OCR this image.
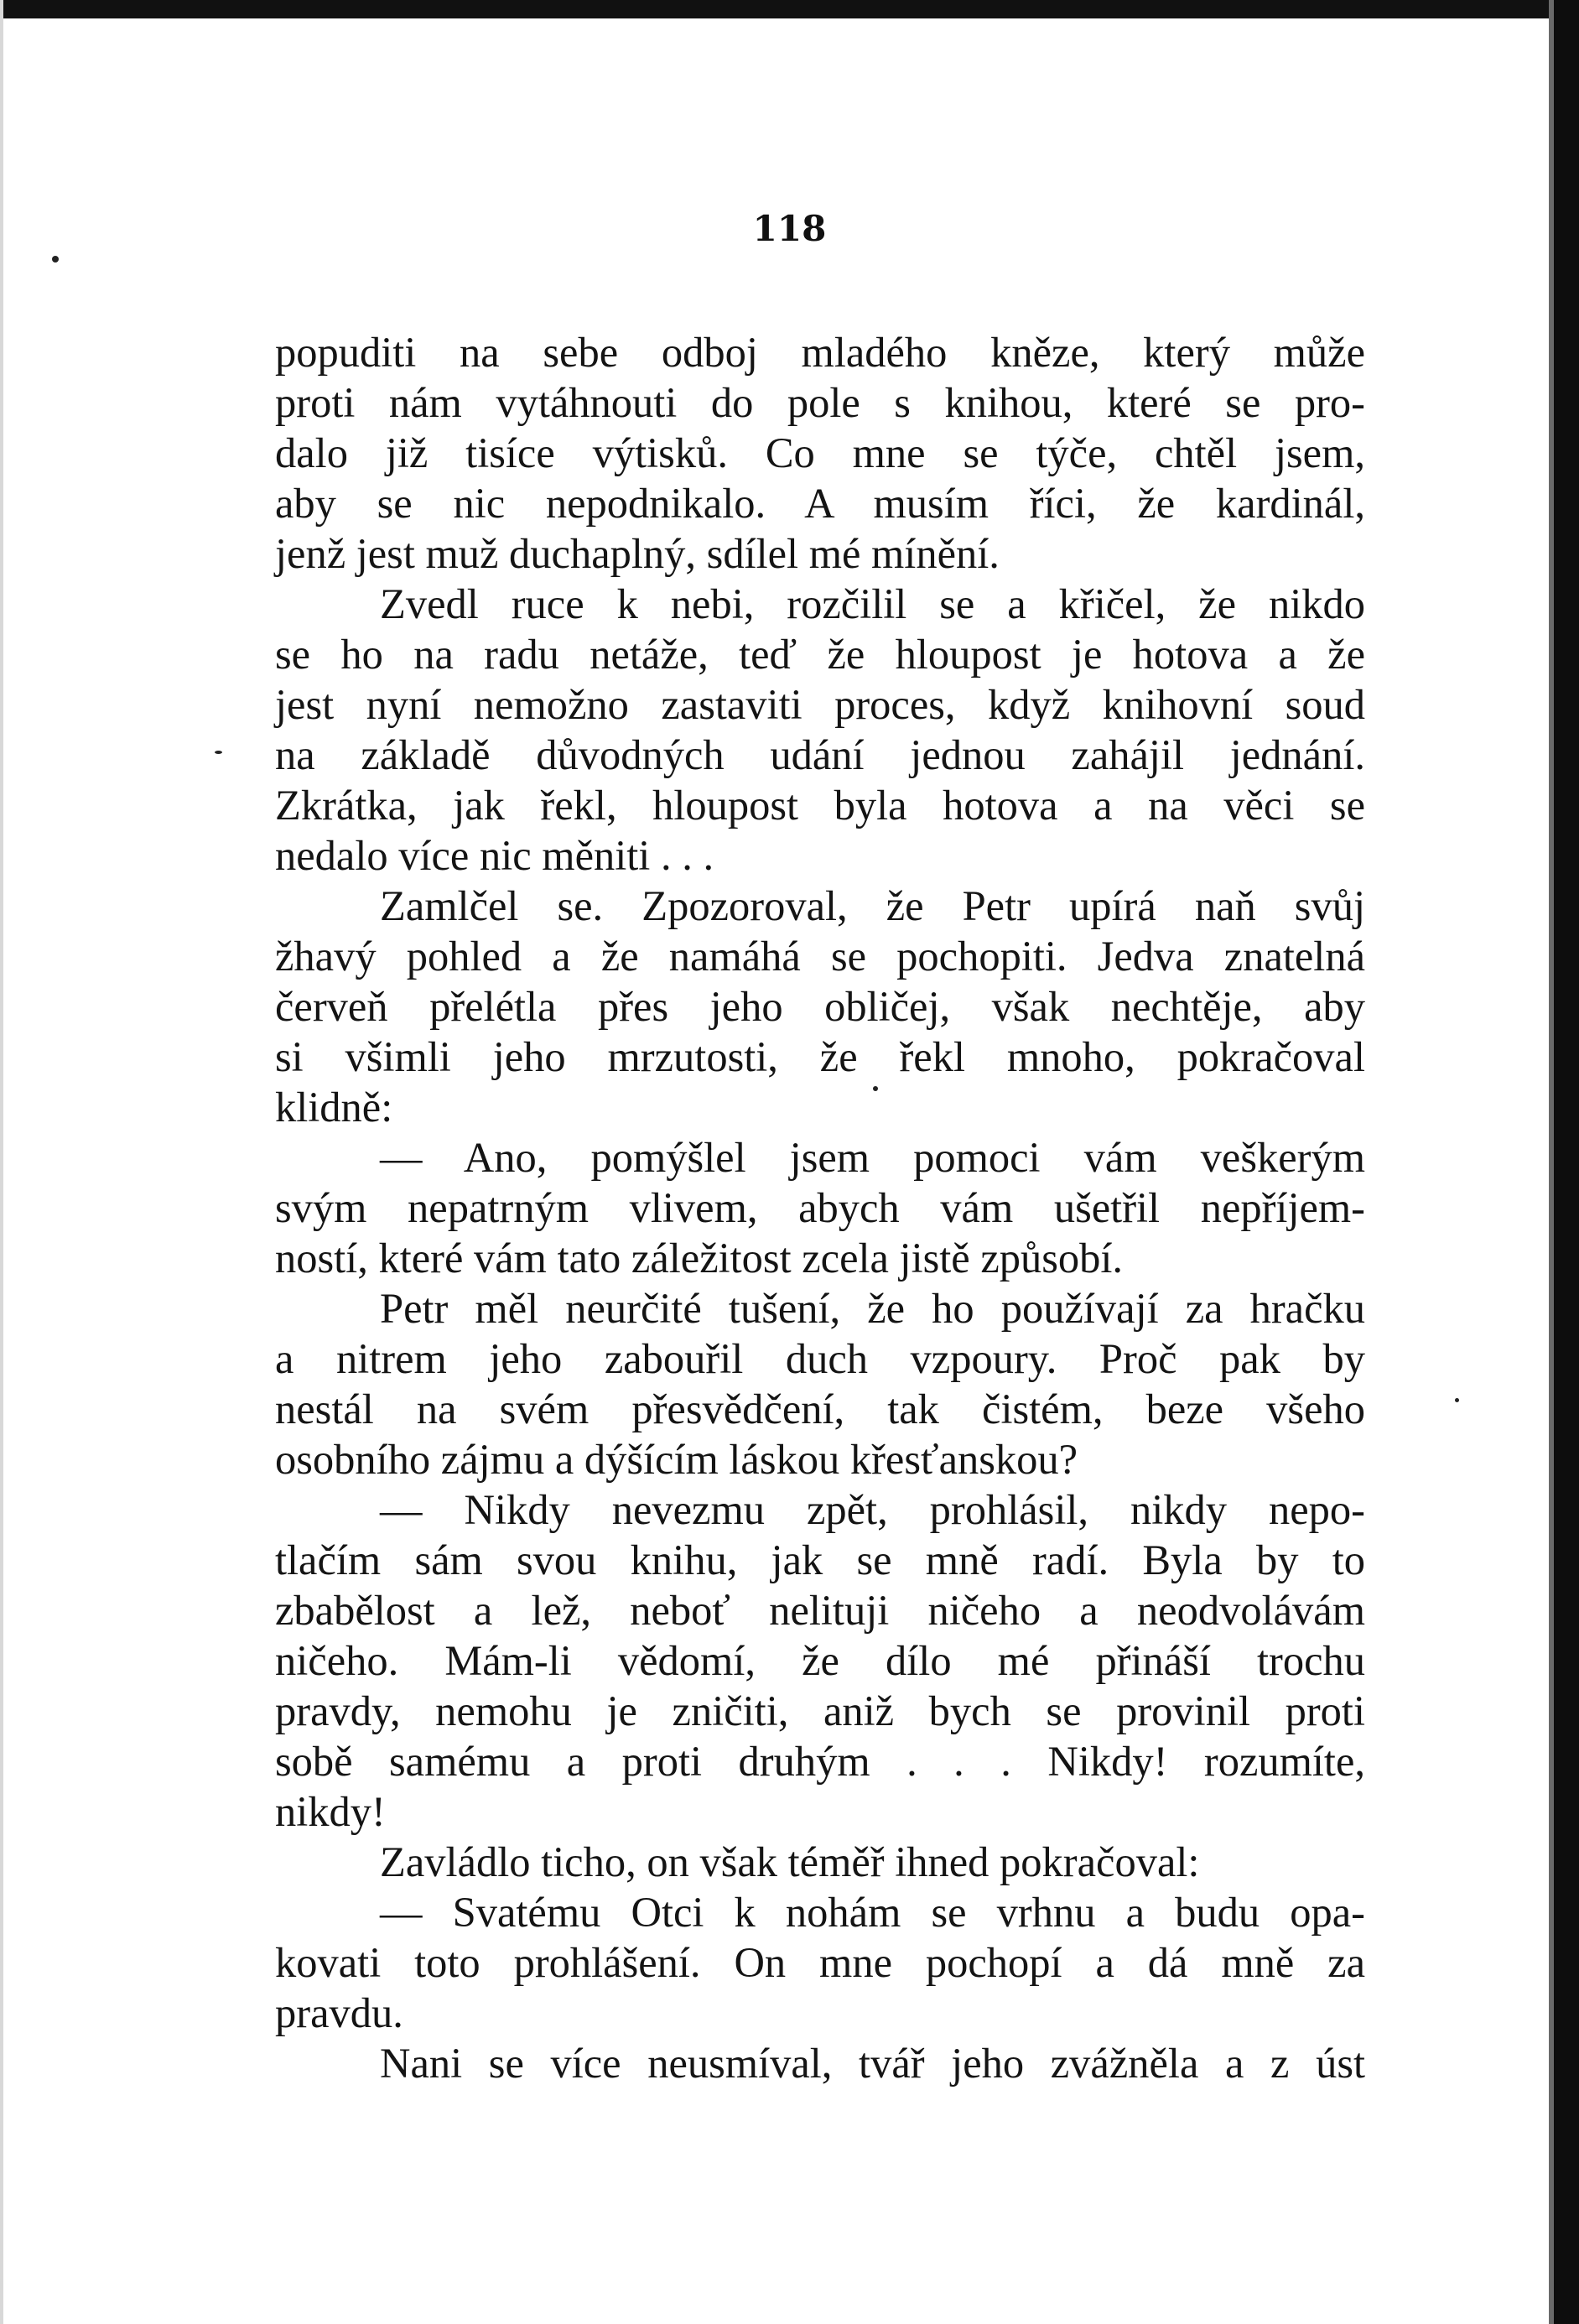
118
popuditi na sebe odboj mladého kněze, který může
proti nám vytáhnouti do pole s knihou, které se pro-
dalo již tisíce výtisků. Co mne se týče, chtěl jsem,
aby se nic nepodnikalo. A musím říci, že kardinál,
jenž jest muž duchaplný, sdílel mé mínění.
Zvedl ruce k nebi, rozčilil se a křičel, že nikdo
se ho na radu netáže, teď že hloupost je hotova a že
jest nyní nemožno zastaviti proces, když knihovní soud
na základě důvodných udání jednou zahájil jednání.
Zkrátka, jak řekl, hloupost byla hotova a na věci se
nedalo více nic měniti . . .
Zamlčel se. Zpozoroval, že Petr upírá naň svůj
žhavý pohled a že namáhá se pochopiti. Jedva znatelná
červeň přelétla přes jeho obličej, však nechtěje, aby
si všimli jeho mrzutosti, že řekl mnoho, pokračoval
klidně:
— Ano, pomýšlel jsem pomoci vám veškerým
svým nepatrným vlivem, abych vám ušetřil nepříjem-
ností, které vám tato záležitost zcela jistě způsobí.
Petr měl neurčité tušení, že ho používají za hračku
a nitrem jeho zabouřil duch vzpoury. Proč pak by
nestál na svém přesvědčení, tak čistém, beze všeho
osobního zájmu a dýšícím láskou křesťanskou?
— Nikdy nevezmu zpět, prohlásil, nikdy nepo-
tlačím sám svou knihu, jak se mně radí. Byla by to
zbabělost a lež, neboť nelituji ničeho a neodvolávám
ničeho. Mám-li vědomí, že dílo mé přináší trochu
pravdy, nemohu je zničiti, aniž bych se provinil proti
sobě samému a proti druhým . . . Nikdy! rozumíte,
nikdy!
Zavládlo ticho, on však téměř ihned pokračoval:
— Svatému Otci k nohám se vrhnu a budu opa-
kovati toto prohlášení. On mne pochopí a dá mně za
pravdu.
Nani se více neusmíval, tvář jeho zvážněla a z úst
